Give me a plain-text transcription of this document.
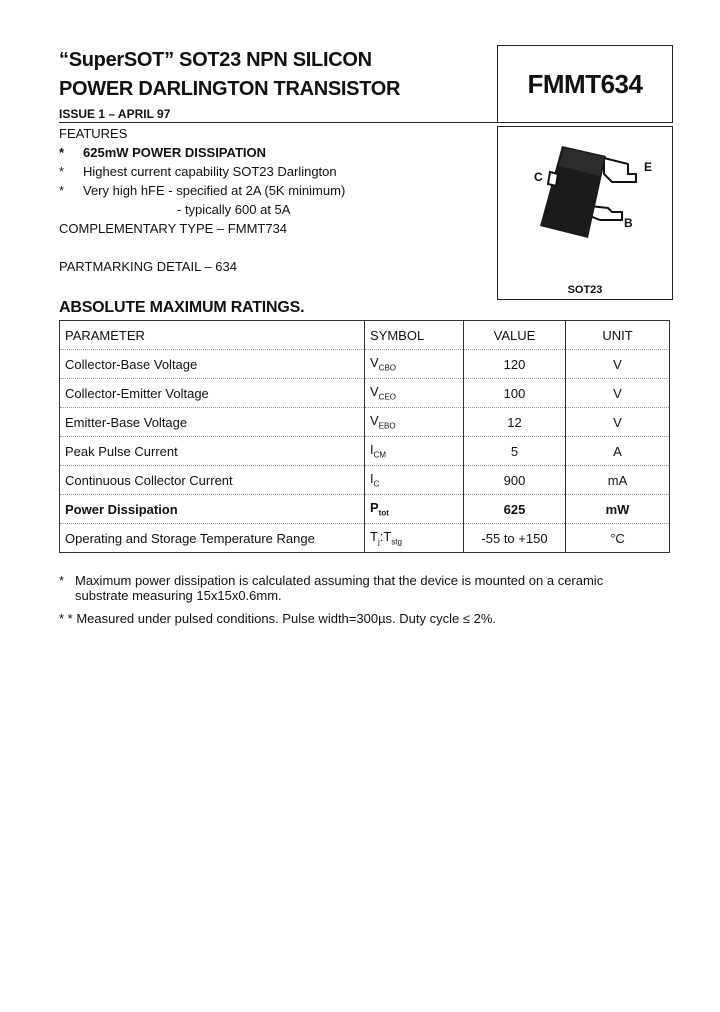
“SuperSOT” SOT23 NPN SILICON
POWER DARLINGTON TRANSISTOR	FMMT634
ISSUE 1 – APRIL 97
FEATURES
* 625mW POWER DISSIPATION
* Highest current capability SOT23 Darlington
* Very high hFE - specified at 2A (5K minimum)
- typically 600 at 5A
COMPLEMENTARY TYPE – FMMT734
PARTMARKING DETAIL – 634
C
E
B
SOT23
ABSOLUTE MAXIMUM RATINGS.
PARAMETER	SYMBOL	VALUE	UNIT
Collector-Base Voltage	$V_{CBO}$	120	V
Collector-Emitter Voltage	$V_{CEO}$	100	V
Emitter-Base Voltage	$V_{EBO}$	12	V
Peak Pulse Current	$I_{CM}$	5	A
Continuous Collector Current	$I_C$	900	mA
Power Dissipation	$P_{tot}$	625	mW
Operating and Storage Temperature Range	$T_j:T_{stg}$	-55 to +150	°C
* Maximum power dissipation is calculated assuming that the device is mounted on a ceramic
substrate measuring 15x15x0.6mm.
* * Measured under pulsed conditions. Pulse width=300µs. Duty cycle ≤ 2%.
